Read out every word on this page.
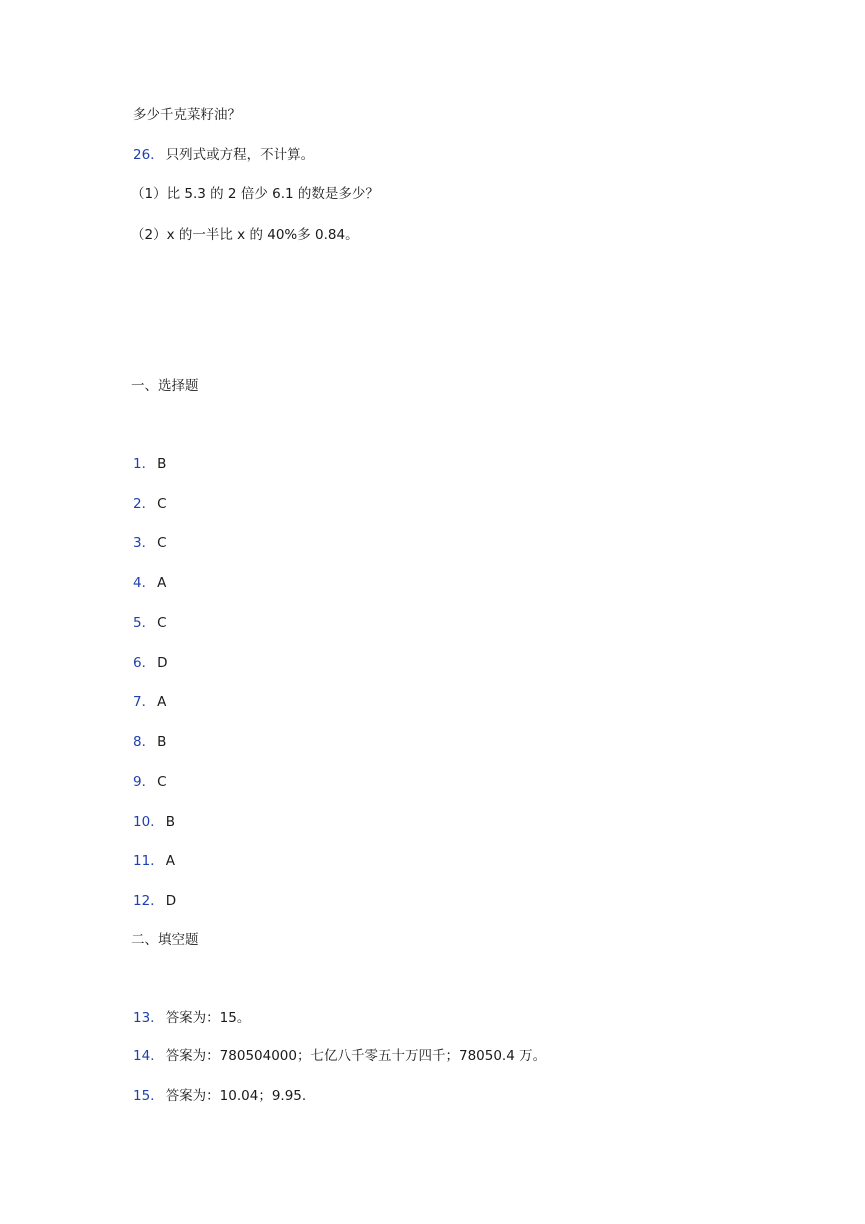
多少千克菜籽油？
26 ． 只列式或方程，不计算。
（1）比 5.3 的 2 倍少 6.1 的数是多少？
（2）x 的一半比 x 的 40%多 0.84。
一、选择题
1 ． B
2 ． C
3 ． C
4 ． A
5 ． C
6 ． D
7 ． A
8 ． B
9 ． C
10 ． B
11 ． A
12 ． D
二、填空题
13 ． 答案为：15。
14 ． 答案为：780504000；七亿八千零五十万四千；78050.4 万。
15 ． 答案为：10.04；9.95.
